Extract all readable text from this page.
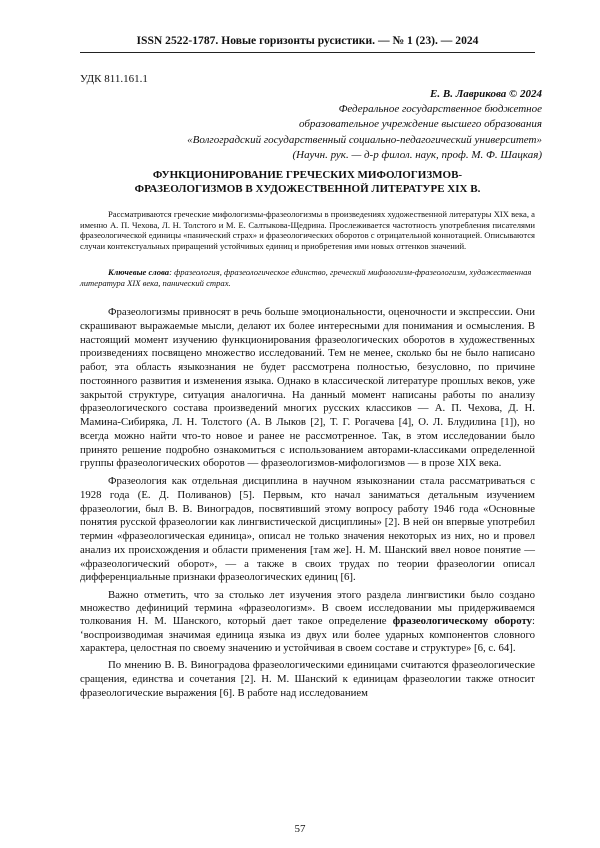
ISSN 2522-1787. Новые горизонты русистики. — № 1 (23). — 2024
УДК 811.161.1
Е. В. Лаврикова © 2024
Федеральное государственное бюджетное
образовательное учреждение высшего образования
«Волгоградский государственный социально-педагогический университет»
(Научн. рук. — д-р филол. наук, проф. М. Ф. Шацкая)
ФУНКЦИОНИРОВАНИЕ ГРЕЧЕСКИХ МИФОЛОГИЗМОВ-
ФРАЗЕОЛОГИЗМОВ В ХУДОЖЕСТВЕННОЙ ЛИТЕРАТУРЕ XIX В.

Рассматриваются греческие мифологизмы-фразеологизмы в произведениях художественной литературы XIX века, а именно А. П. Чехова, Л. Н. Толстого и М. Е. Салтыкова-Щедрина. Прослеживается частотность употребления писателями фразеологической единицы «панический страх» и фразеологических оборотов с отрицательной коннотацией. Описываются случаи контекстуальных приращений устойчивых единиц и приобретения ими новых оттенков значений.

Ключевые слова: фразеология, фразеологическое единство, греческий мифологизм-фразеологизм, художественная литература XIX века, панический страх.

Фразеологизмы привносят в речь больше эмоциональности, оценочности и экспрессии. Они скрашивают выражаемые мысли, делают их более интересными для понимания и осмысления. В настоящий момент изучению функционирования фразеологических оборотов в художественных произведениях посвящено множество исследований. Тем не менее, сколько бы не было написано работ, эта область языкознания не будет рассмотрена полностью, безусловно, по причине постоянного развития и изменения языка. Однако в классической литературе прошлых веков, уже закрытой структуре, ситуация аналогична. На данный момент написаны работы по анализу фразеологического состава произведений многих русских классиков — А. П. Чехова, Д. Н. Мамина-Сибиряка, Л. Н. Толстого (А. В Лыков [2], Т. Г. Рогачева [4], О. Л. Блудилина [1]), но всегда можно найти что-то новое и ранее не рассмотренное. Так, в этом исследовании было принято решение подробно ознакомиться с использованием авторами-классиками определенной группы фразеологических оборотов — фразеологизмов-мифологизмов — в прозе XIX века.

Фразеология как отдельная дисциплина в научном языкознании стала рассматриваться с 1928 года (Е. Д. Поливанов) [5]. Первым, кто начал заниматься детальным изучением фразеологии, был В. В. Виноградов, посвятивший этому вопросу работу 1946 года «Основные понятия русской фразеологии как лингвистической дисциплины» [2]. В ней он впервые употребил термин «фразеологическая единица», описал не только значения некоторых из них, но и провел анализ их происхождения и области применения [там же]. Н. М. Шанский ввел новое понятие — «фразеологический оборот», — а также в своих трудах по теории фразеологии описал дифференциальные признаки фразеологических единиц [6].

Важно отметить, что за столько лет изучения этого раздела лингвистики было создано множество дефиниций термина «фразеологизм». В своем исследовании мы придерживаемся толкования Н. М. Шанского, который дает такое определение фразеологическому обороту: ‘воспроизводимая значимая единица языка из двух или более ударных компонентов словного характера, целостная по своему значению и устойчивая в своем составе и структуре» [6, с. 64].

По мнению В. В. Виноградова фразеологическими единицами считаются фразеологические сращения, единства и сочетания [2]. Н. М. Шанский к единицам фразеологии также относит фразеологические выражения [6]. В работе над исследованием

57
